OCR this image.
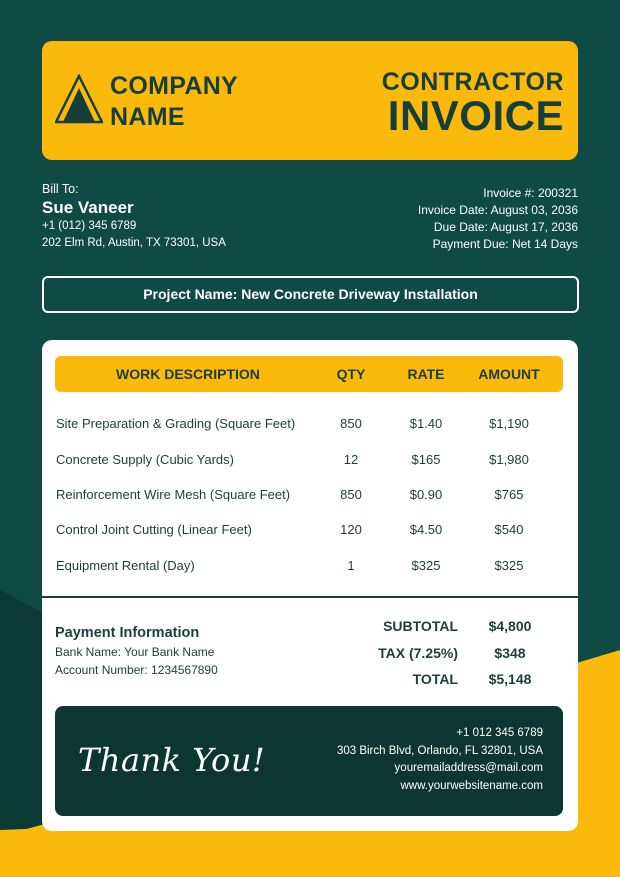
COMPANY
NAME
CONTRACTOR
INVOICE
Bill To:
Sue Vaneer
+1 (012) 345 6789
202 Elm Rd, Austin, TX 73301, USA
Invoice #: 200321
Invoice Date: August 03, 2036
Due Date: August 17, 2036
Payment Due: Net 14 Days
Project Name: New Concrete Driveway Installation
WORK DESCRIPTION	QTY	RATE	AMOUNT
Site Preparation & Grading (Square Feet)	850	$1.40	$1,190
Concrete Supply (Cubic Yards)	12	$165	$1,980
Reinforcement Wire Mesh (Square Feet)	850	$0.90	$765
Control Joint Cutting (Linear Feet)	120	$4.50	$540
Equipment Rental (Day)	1	$325	$325
Payment Information
Bank Name: Your Bank Name
Account Number: 1234567890
SUBTOTAL $4,800
TAX (7.25%)	$348
TOTAL $5,148
Thank You!
+1 012 345 6789
303 Birch Blvd, Orlando, FL 32801, USA
youremailaddress@mail.com
www.yourwebsitename.com
